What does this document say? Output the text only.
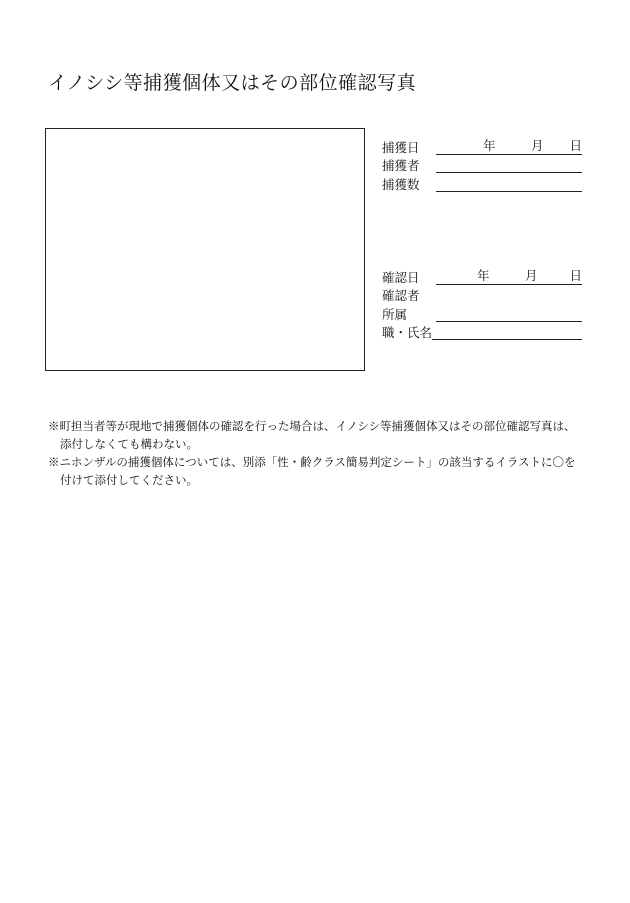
イノシシ等捕獲個体又はその部位確認写真
捕獲日	年	月 日
捕獲者
捕獲数
確認日	年	月	日
確認者
所属
職・氏名
※町担当者等が現地で捕獲個体の確認を行った場合は、イノシシ等捕獲個体又はその部位確認写真は、
添付しなくても構わない。
※ニホンザルの捕獲個体については、別添「性・齢クラス簡易判定シート」の該当するイラストに〇を
付けて添付してください。
